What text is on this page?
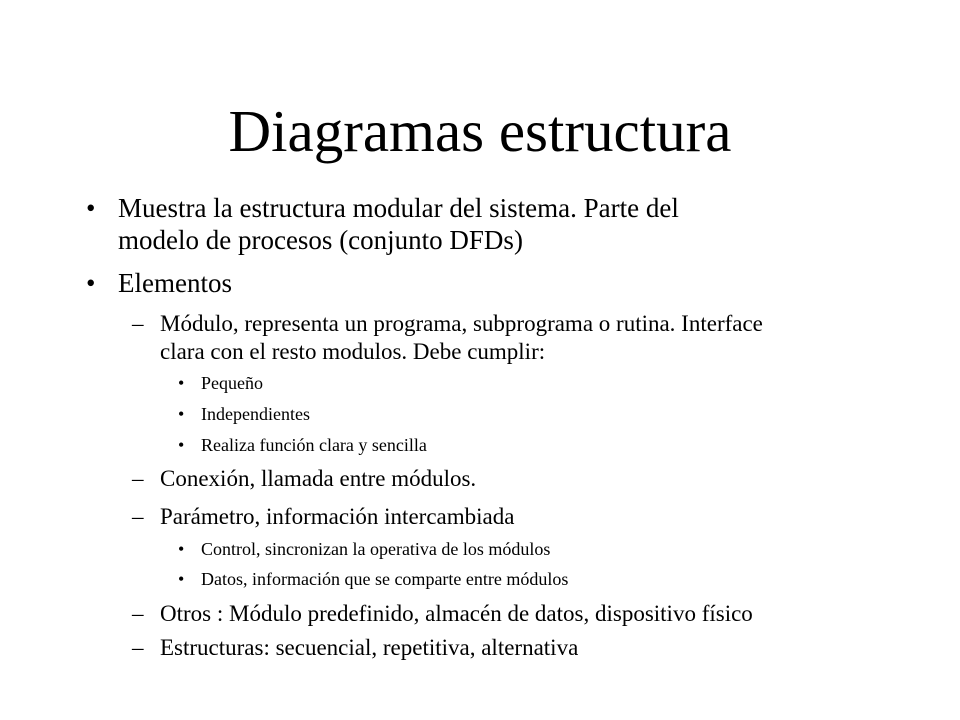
Diagramas estructura
• Muestra la estructura modular del sistema. Parte del
modelo de procesos (conjunto DFDs)
• Elementos
– Módulo, representa un programa, subprograma o rutina. Interface
clara con el resto modulos. Debe cumplir:
• Pequeño
• Independientes
• Realiza función clara y sencilla
– Conexión, llamada entre módulos.
– Parámetro, información intercambiada
• Control, sincronizan la operativa de los módulos
• Datos, información que se comparte entre módulos
– Otros : Módulo predefinido, almacén de datos, dispositivo físico
– Estructuras: secuencial, repetitiva, alternativa
